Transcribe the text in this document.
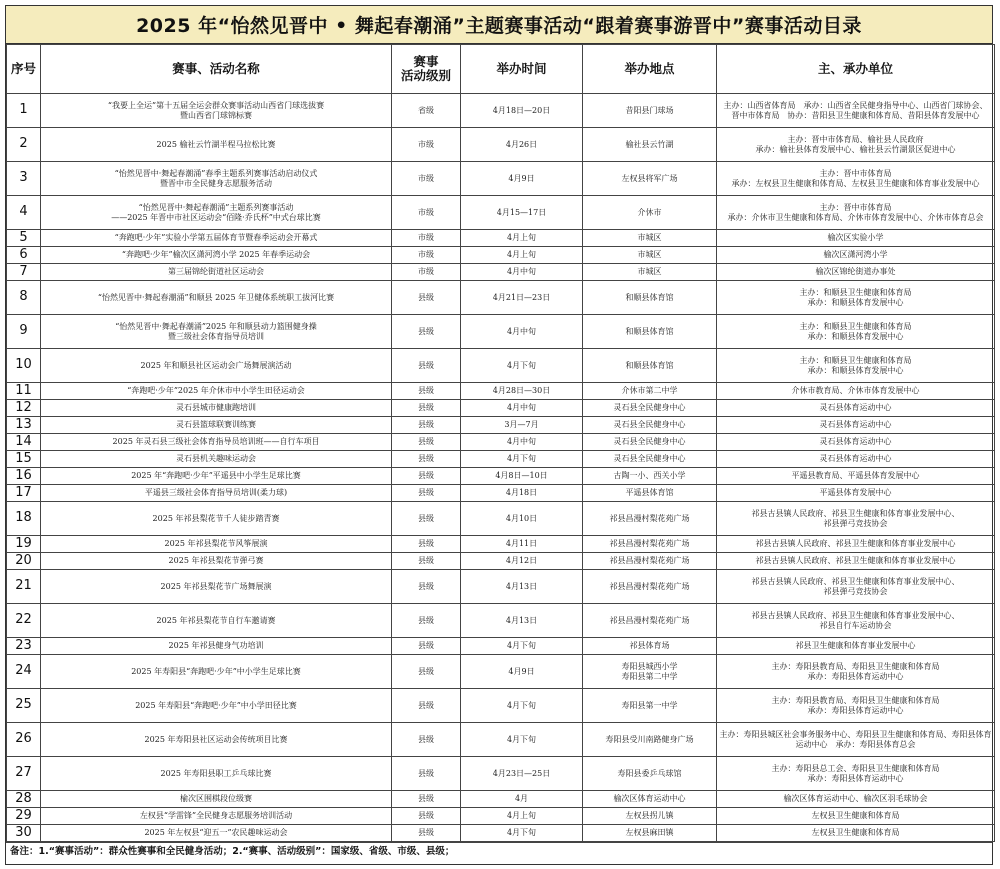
2025 年“怡然见晋中 • 舞起春潮涌”主题赛事活动“跟着赛事游晋中”赛事活动目录
序号	赛事、活动名称	赛事
活动级别	举办时间	举办地点	主、承办单位
1	“我要上全运”第十五届全运会群众赛事活动山西省门球选拔赛
暨山西省门球锦标赛	省级	4月18日—20日	昔阳县门球场	主办：山西省体育局　承办：山西省全民健身指导中心、山西省门球协会、
晋中市体育局　协办：昔阳县卫生健康和体育局、昔阳县体育发展中心

2	2025 榆社云竹湖半程马拉松比赛	市级	4月26日	榆社县云竹湖	主办：晋中市体育局、榆社县人民政府
承办：榆社县体育发展中心、榆社县云竹湖景区促进中心

3	“怡然见晋中·舞起春潮涌”春季主题系列赛事活动启动仪式
暨晋中市全民健身志愿服务活动	市级	4月9日	左权县将军广场	主办：晋中市体育局
承办：左权县卫生健康和体育局、左权县卫生健康和体育事业发展中心

4	“怡然见晋中·舞起春潮涌”主题系列赛事活动
——2025 年晋中市社区运动会“佰隆·乔氏杯”中式台球比赛	市级	4月15—17日	介休市	主办：晋中市体育局
承办：介休市卫生健康和体育局、介休市体育发展中心、介休市体育总会

5	“奔跑吧·少年”实验小学第五届体育节暨春季运动会开幕式	市级	4月上旬	市城区	榆次区实验小学

6	“奔跑吧·少年”榆次区潇河湾小学 2025 年春季运动会	市级	4月上旬	市城区	榆次区潇河湾小学

7	第三届锦纶街道社区运动会	市级	4月中旬	市城区	榆次区锦纶街道办事处

8	“怡然见晋中·舞起春潮涌”和顺县 2025 年卫健体系统职工拔河比赛	县级	4月21日—23日	和顺县体育馆	主办：和顺县卫生健康和体育局
承办：和顺县体育发展中心

9	“怡然见晋中·舞起春潮涌”2025 年和顺县动力篮围健身操
暨三级社会体育指导员培训	县级	4月中旬	和顺县体育馆	主办：和顺县卫生健康和体育局
承办：和顺县体育发展中心

10	2025 年和顺县社区运动会广场舞展演活动	县级	4月下旬	和顺县体育馆	主办：和顺县卫生健康和体育局
承办：和顺县体育发展中心

11	“奔跑吧·少年”2025 年介休市中小学生田径运动会	县级	4月28日—30日	介休市第二中学	介休市教育局、介休市体育发展中心

12	灵石县城市健康跑培训	县级	4月中旬	灵石县全民健身中心	灵石县体育运动中心

13	灵石县篮球联赛训练赛	县级	3月—7月	灵石县全民健身中心	灵石县体育运动中心

14	2025 年灵石县三级社会体育指导员培训班——自行车项目	县级	4月中旬	灵石县全民健身中心	灵石县体育运动中心

15	灵石县机关趣味运动会	县级	4月下旬	灵石县全民健身中心	灵石县体育运动中心

16	2025 年“奔跑吧·少年”平遥县中小学生足球比赛	县级	4月8日—10日	古陶一小、西关小学	平遥县教育局、平遥县体育发展中心

17	平遥县三级社会体育指导员培训(柔力球)	县级	4月18日	平遥县体育馆	平遥县体育发展中心

18	2025 年祁县梨花节千人徒步踏青赛	县级	4月10日	祁县昌漫村梨花苑广场	祁县古县镇人民政府、祁县卫生健康和体育事业发展中心、
祁县弹弓竞技协会

19	2025 年祁县梨花节风筝展演	县级	4月11日	祁县昌漫村梨花苑广场	祁县古县镇人民政府、祁县卫生健康和体育事业发展中心

20	2025 年祁县梨花节弹弓赛	县级	4月12日	祁县昌漫村梨花苑广场	祁县古县镇人民政府、祁县卫生健康和体育事业发展中心

21	2025 年祁县梨花节广场舞展演	县级	4月13日	祁县昌漫村梨花苑广场	祁县古县镇人民政府、祁县卫生健康和体育事业发展中心、
祁县弹弓竞技协会

22	2025 年祁县梨花节自行车邀请赛	县级	4月13日	祁县昌漫村梨花苑广场	祁县古县镇人民政府、祁县卫生健康和体育事业发展中心、
祁县自行车运动协会

23	2025 年祁县健身气功培训	县级	4月下旬	祁县体育场	祁县卫生健康和体育事业发展中心

24	2025 年寿阳县“奔跑吧·少年”中小学生足球比赛	县级	4月9日	寿阳县城西小学
寿阳县第二中学	主办：寿阳县教育局、寿阳县卫生健康和体育局
承办：寿阳县体育运动中心

25	2025 年寿阳县“奔跑吧·少年”中小学田径比赛	县级	4月下旬	寿阳县第一中学	主办：寿阳县教育局、寿阳县卫生健康和体育局
承办：寿阳县体育运动中心

26	2025 年寿阳县社区运动会传统项目比赛	县级	4月下旬	寿阳县受川南路健身广场	主办：寿阳县城区社会事务服务中心、寿阳县卫生健康和体育局、寿阳县体育
运动中心　承办：寿阳县体育总会

27	2025 年寿阳县职工乒乓球比赛	县级	4月23日—25日	寿阳县委乒乓球馆	主办：寿阳县总工会、寿阳县卫生健康和体育局
承办：寿阳县体育运动中心

28	榆次区围棋段位级赛	县级	4月	榆次区体育运动中心	榆次区体育运动中心、榆次区羽毛球协会

29	左权县“学雷锋”全民健身志愿服务培训活动	县级	4月上旬	左权县拐儿镇	左权县卫生健康和体育局

30	2025 年左权县“迎五一”农民趣味运动会	县级	4月下旬	左权县麻田镇	左权县卫生健康和体育局
备注：1.“赛事活动”：群众性赛事和全民健身活动；2.“赛事、活动级别”：国家级、省级、市级、县级；
